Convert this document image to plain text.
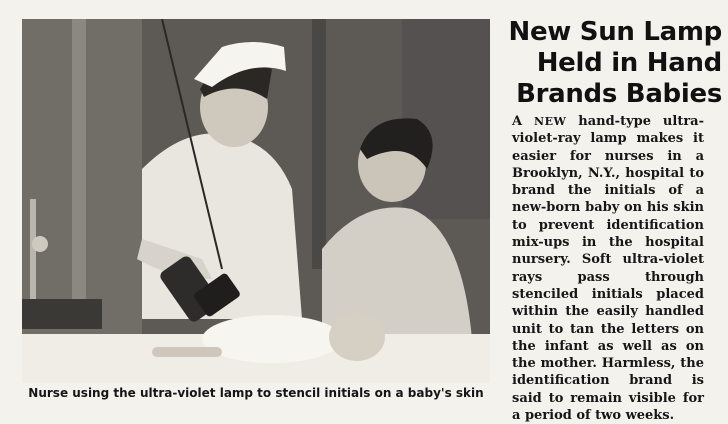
Nurse using the ultra-violet lamp to stencil initials on a baby's skin
New Sun Lamp Held in Hand Brands Babies
A NEW hand-type ultra-violet-ray lamp makes it easier for nurses in a Brooklyn, N.Y., hospital to brand the initials of a new-born baby on his skin to prevent identification mix-ups in the hospital nursery. Soft ultra-violet rays pass through stenciled initials placed within the easily handled unit to tan the letters on the infant as well as on the mother. Harmless, the identification brand is said to remain visible for a period of two weeks.
